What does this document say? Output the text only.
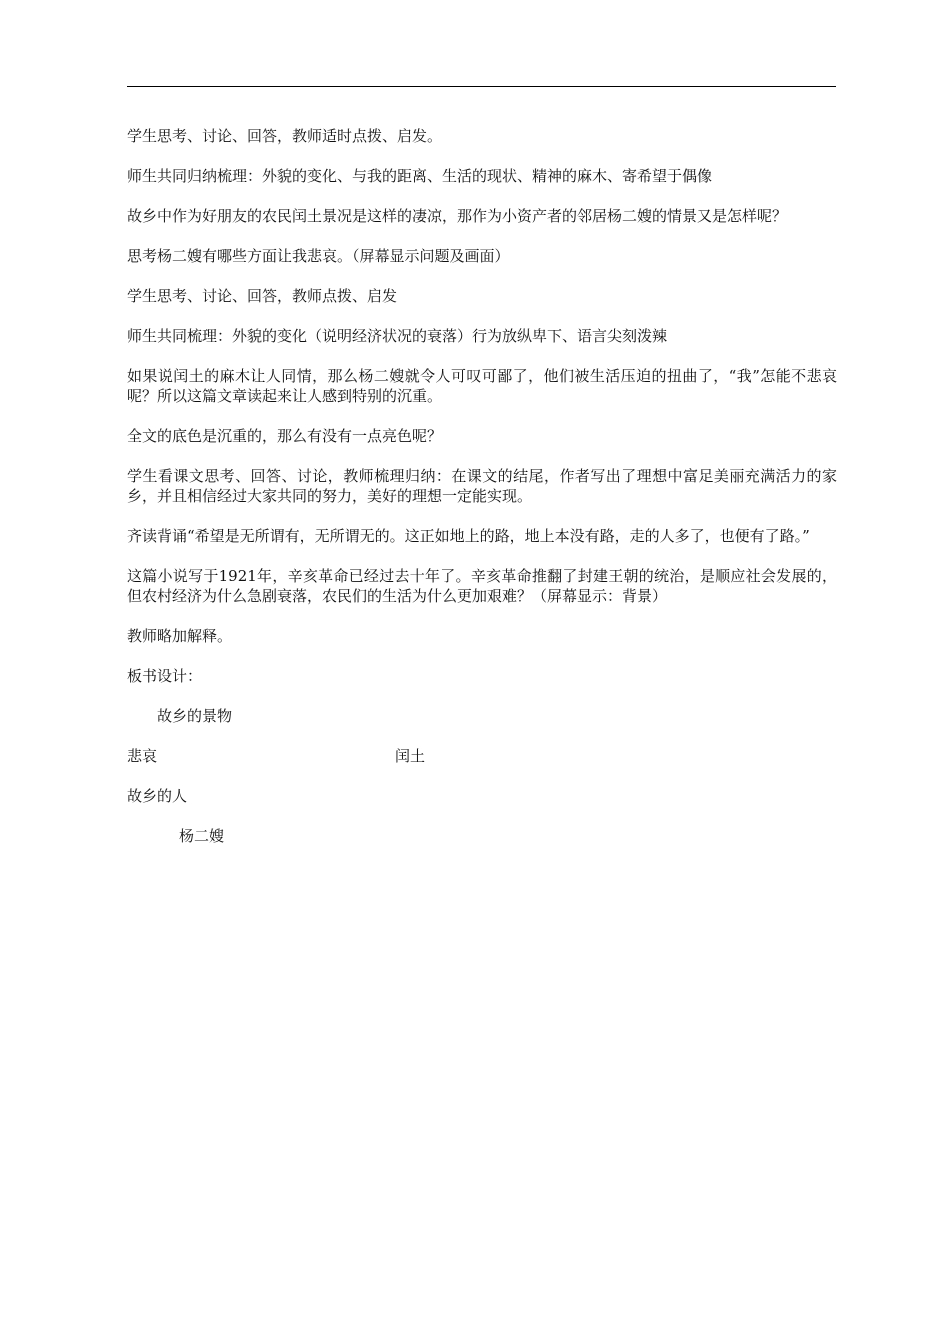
学生思考、讨论、回答，教师适时点拨、启发。

师生共同归纳梳理：外貌的变化、与我的距离、生活的现状、精神的麻木、寄希望于偶像

故乡中作为好朋友的农民闰土景况是这样的凄凉，那作为小资产者的邻居杨二嫂的情景又是怎样呢？

思考杨二嫂有哪些方面让我悲哀。（屏幕显示问题及画面）

学生思考、讨论、回答，教师点拨、启发

师生共同梳理：外貌的变化（说明经济状况的衰落）行为放纵卑下、语言尖刻泼辣

如果说闰土的麻木让人同情，那么杨二嫂就令人可叹可鄙了，他们被生活压迫的扭曲了，“我”怎能不悲哀呢？所以这篇文章读起来让人感到特别的沉重。

全文的底色是沉重的，那么有没有一点亮色呢？

学生看课文思考、回答、讨论，教师梳理归纳：在课文的结尾，作者写出了理想中富足美丽充满活力的家乡，并且相信经过大家共同的努力，美好的理想一定能实现。

齐读背诵“希望是无所谓有，无所谓无的。这正如地上的路，地上本没有路，走的人多了，也便有了路。”

这篇小说写于1921年，辛亥革命已经过去十年了。辛亥革命推翻了封建王朝的统治，是顺应社会发展的，但农村经济为什么急剧衰落，农民们的生活为什么更加艰难？（屏幕显示：背景）

教师略加解释。

板书设计：

故乡的景物
悲哀	闰土
故乡的人
杨二嫂
